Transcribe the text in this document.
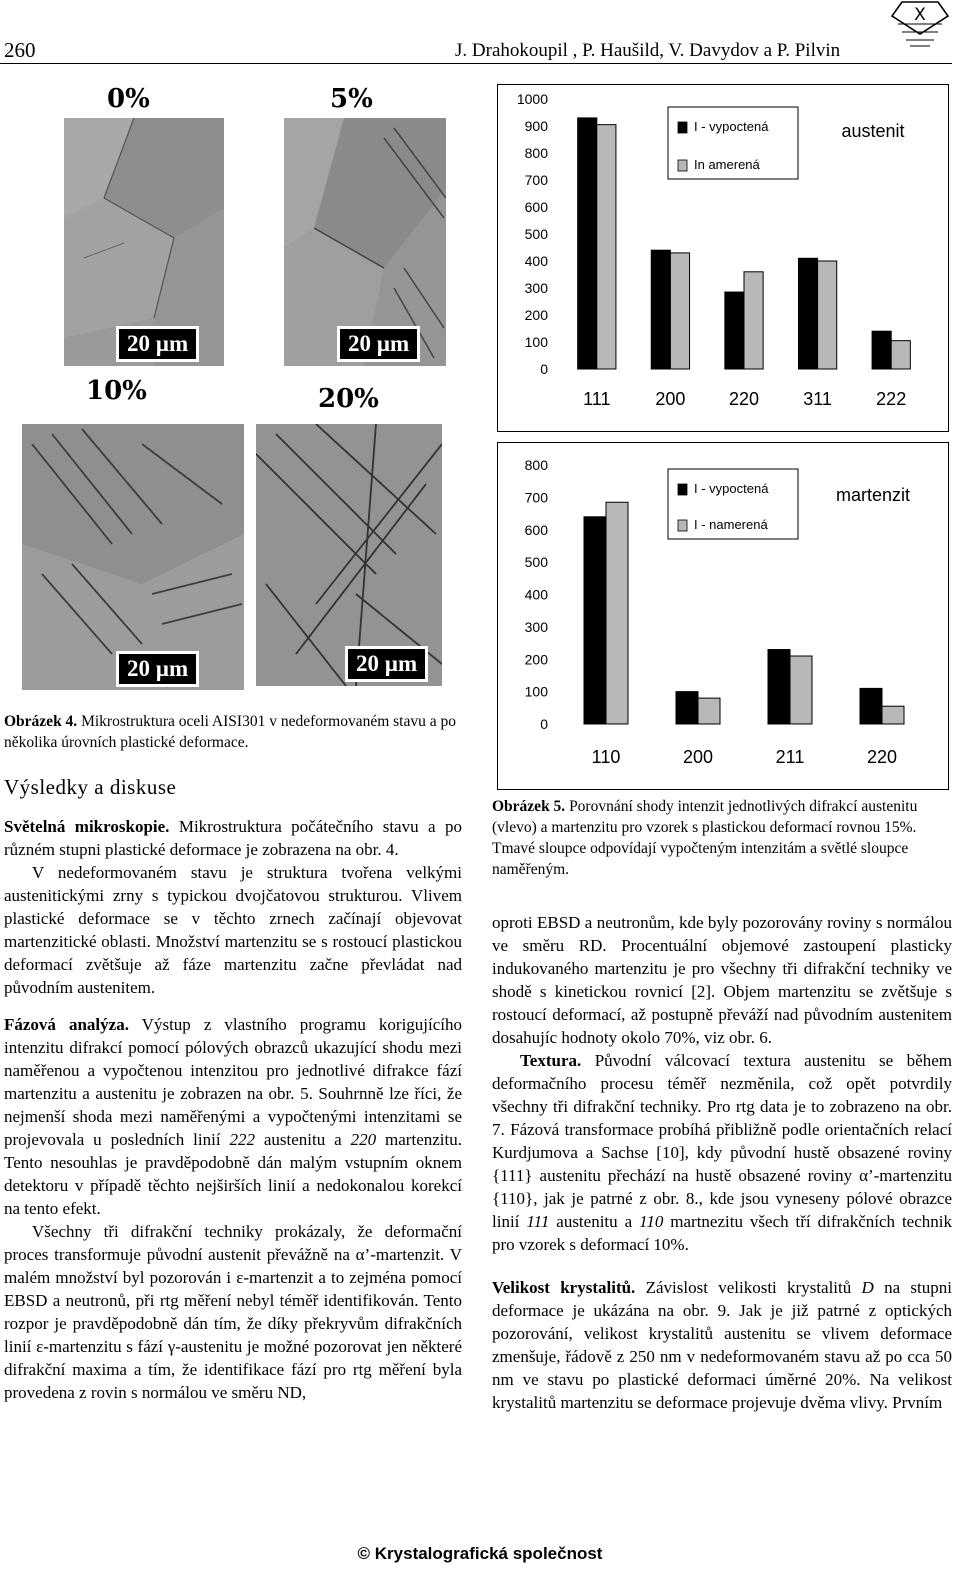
260	J. Drahokoupil , P. Haušild, V. Davydov a P. Pilvin
X
0%	5%
20 µm	20 µm
10%	20%
20 µm	20 µm
Obrázek 4. Mikrostruktura oceli AISI301 v nedeformovaném stavu a po několika úrovních plastické deformace.
Výsledky a diskuse

Světelná mikroskopie. Mikrostruktura počátečního stavu a po různém stupni plastické deformace je zobrazena na obr. 4.

V nedeformovaném stavu je struktura tvořena velkými austenitickými zrny s typickou dvojčatovou strukturou. Vlivem plastické deformace se v těchto zrnech začínají objevovat martenzitické oblasti. Množství martenzitu se s rostoucí plastickou deformací zvětšuje až fáze martenzitu začne převládat nad původním austenitem.

Fázová analýza. Výstup z vlastního programu korigujícího intenzitu difrakcí pomocí pólových obrazců ukazující shodu mezi naměřenou a vypočtenou intenzitou pro jednotlivé difrakce fází martenzitu a austenitu je zobrazen na obr. 5. Souhrnně lze říci, že nejmenší shoda mezi naměřenými a vypočtenými intenzitami se projevovala u posledních linií 222 austenitu a 220 martenzitu. Tento nesouhlas je pravděpodobně dán malým vstupním oknem detektoru v případě těchto nejširších linií a nedokonalou korekcí na tento efekt.

Všechny tři difrakční techniky prokázaly, že deformační proces transformuje původní austenit převážně na α’-martenzit. V malém množství byl pozorován i ε-martenzit a to zejména pomocí EBSD a neutronů, při rtg měření nebyl téměř identifikován. Tento rozpor je pravděpodobně dán tím, že díky překryvům difrakčních linií ε-martenzitu s fází γ-austenitu je možné pozorovat jen některé difrakční maxima a tím, že identifikace fází pro rtg měření byla provedena z rovin s normálou ve směru ND,

1000
900
800
700
600
500
400
300
200
100
0
111 200 220 311 222
I - vypoctená
In amerená
austenit
800
700
600
500
400
300
200
100
0
110	200	211	220
I - vypoctená
I - namerená
martenzit
Obrázek 5. Porovnání shody intenzit jednotlivých difrakcí austenitu (vlevo) a martenzitu pro vzorek s plastickou deformací rovnou 15%. Tmavé sloupce odpovídají vypočteným intenzitám a světlé sloupce naměřeným.

oproti EBSD a neutronům, kde byly pozorovány roviny s normálou ve směru RD. Procentuální objemové zastoupení plasticky indukovaného martenzitu je pro všechny tři difrakční techniky ve shodě s kinetickou rovnicí [2]. Objem martenzitu se zvětšuje s rostoucí deformací, až postupně převáží nad původním austenitem dosahujíc hodnoty okolo 70%, viz obr. 6.

Textura. Původní válcovací textura austenitu se během deformačního procesu téměř nezměnila, což opět potvrdily všechny tři difrakční techniky. Pro rtg data je to zobrazeno na obr. 7. Fázová transformace probíhá přibližně podle orientačních relací Kurdjumova a Sachse [10], kdy původní hustě obsazené roviny {111} austenitu přechází na hustě obsazené roviny α’-martenzitu {110}, jak je patrné z obr. 8., kde jsou vyneseny pólové obrazce linií 111 austenitu a 110 martnezitu všech tří difrakčních technik pro vzorek s deformací 10%.

Velikost krystalitů. Závislost velikosti krystalitů D na stupni deformace je ukázána na obr. 9. Jak je již patrné z optických pozorování, velikost krystalitů austenitu se vlivem deformace zmenšuje, řádově z 250 nm v nedeformovaném stavu až po cca 50 nm ve stavu po plastické deformaci úměrné 20%. Na velikost krystalitů martenzitu se deformace projevuje dvěma vlivy. Prvním

© Krystalografická společnost
